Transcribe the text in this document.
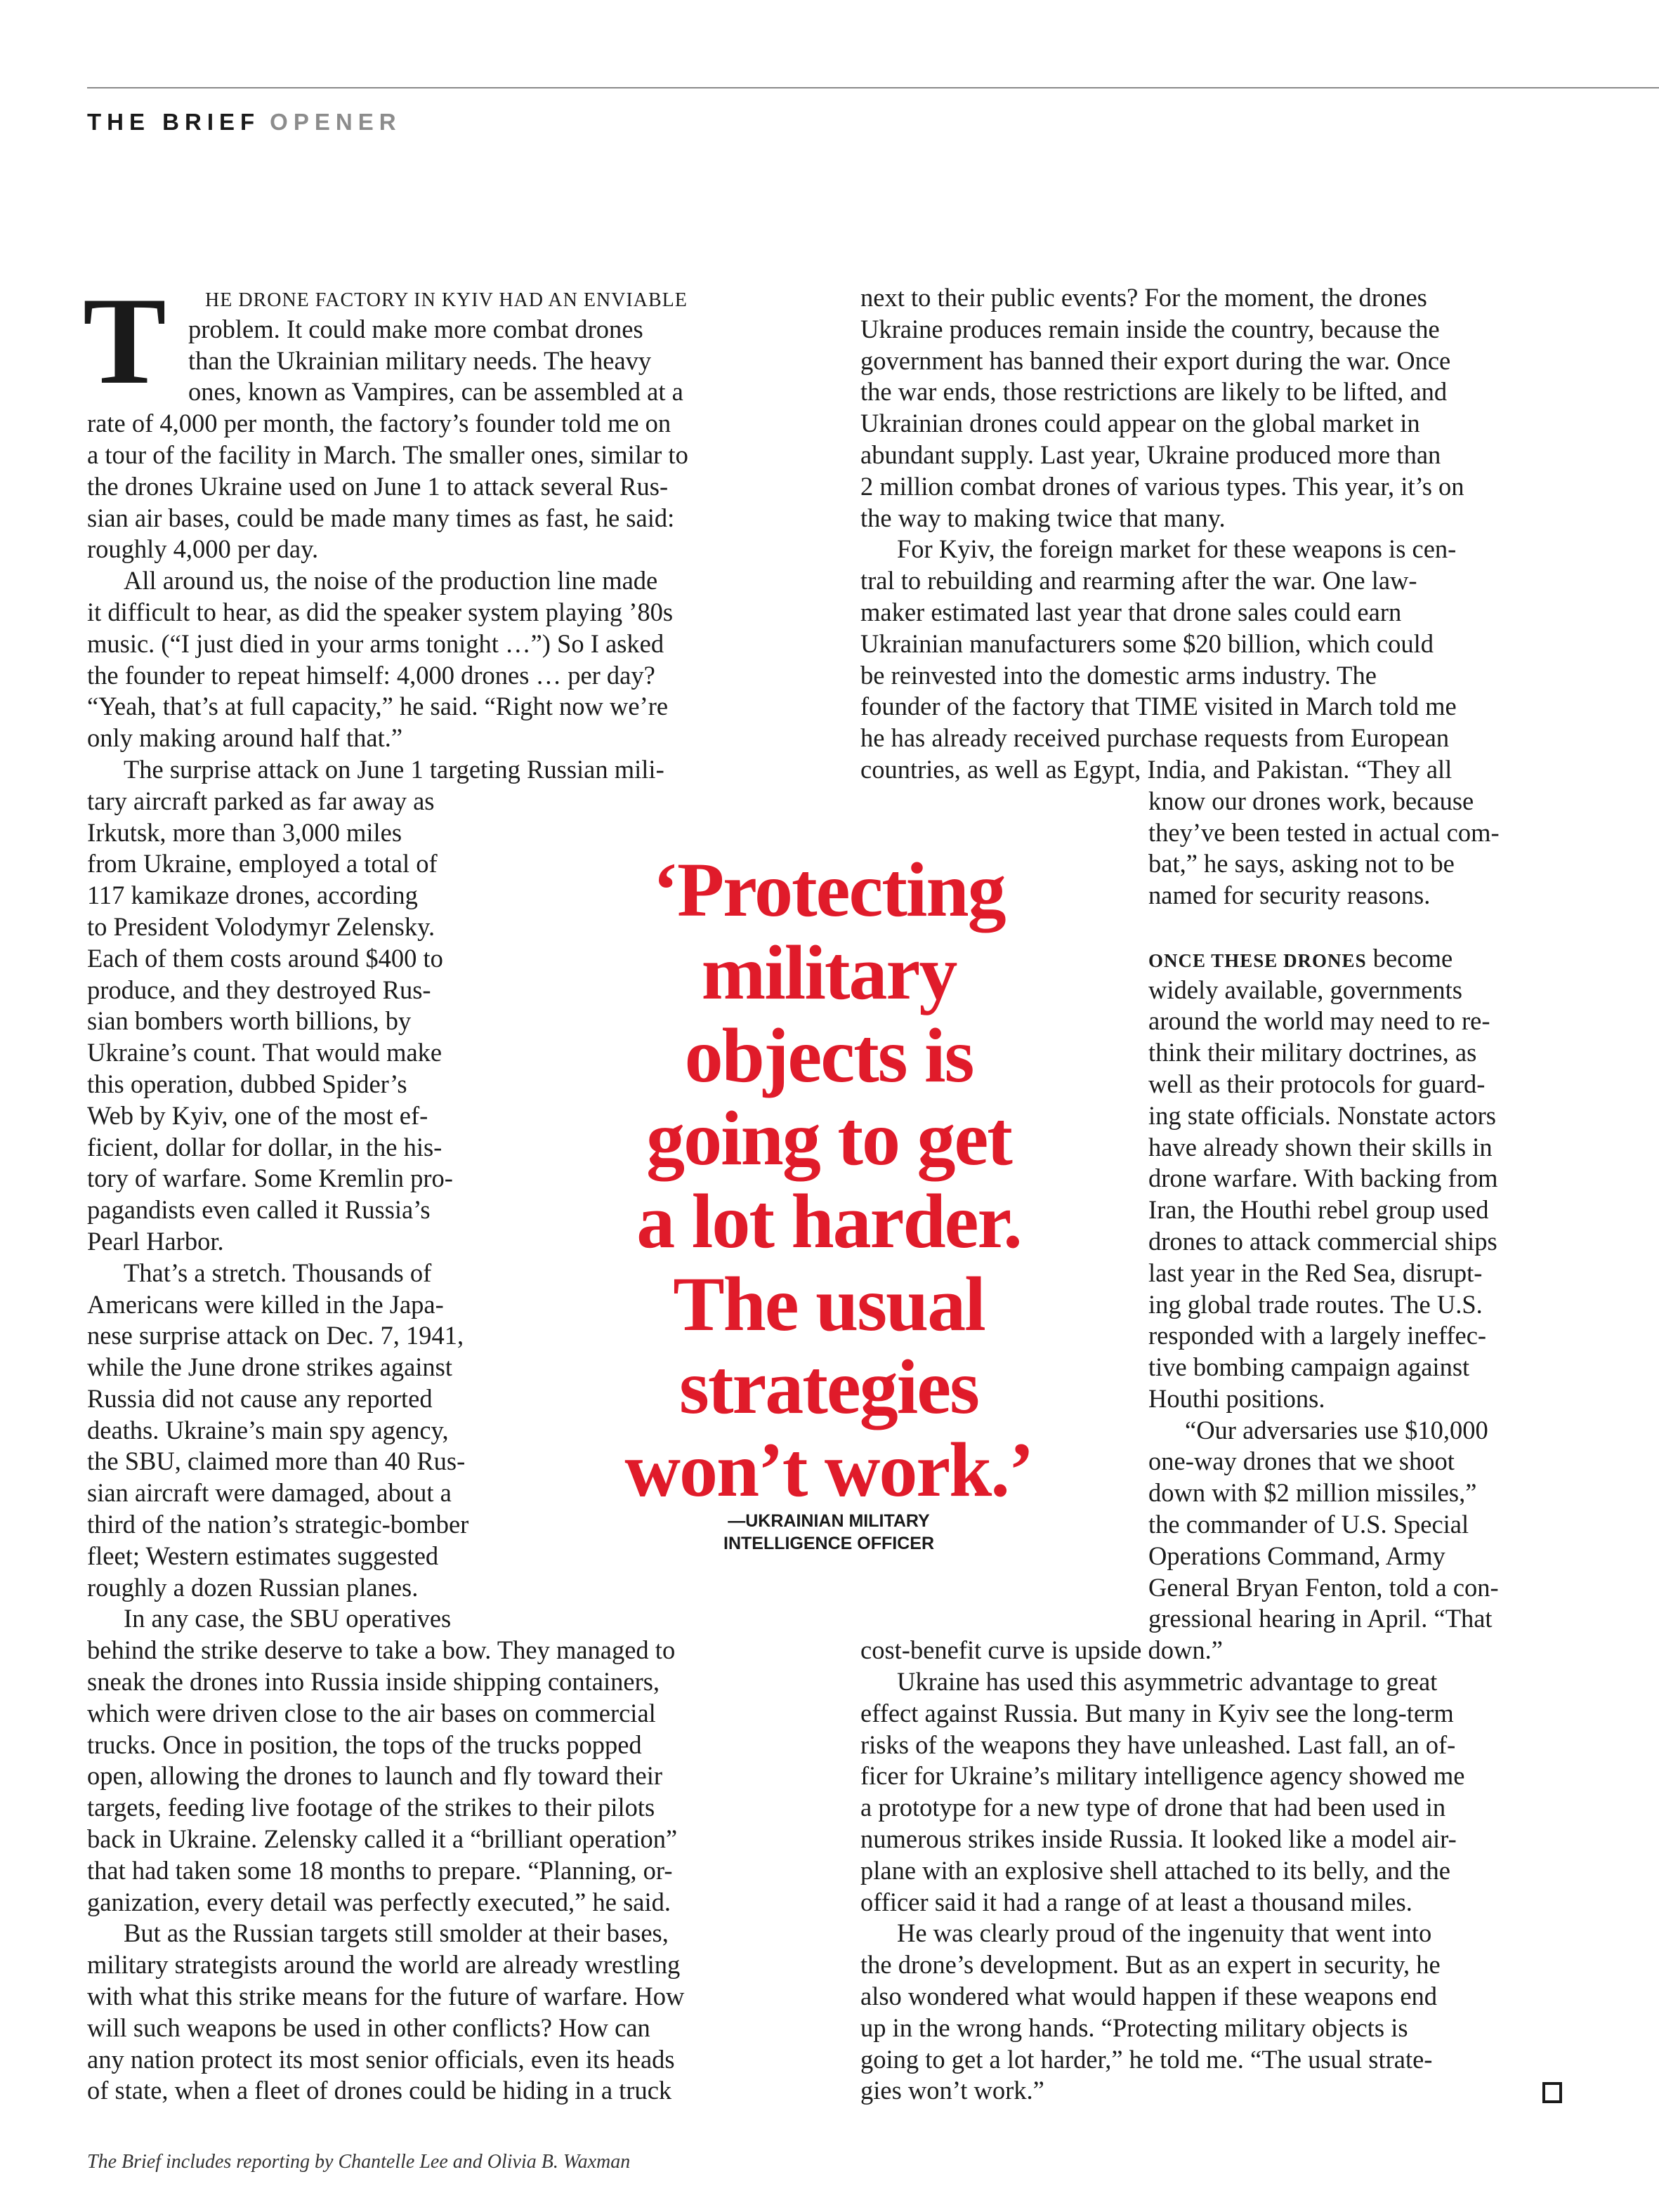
THE BRIEF OPENER
T	HE DRONE FACTORY IN KYIV HAD AN ENVIABLE
problem. It could make more combat drones
than the Ukrainian military needs. The heavy
ones, known as Vampires, can be assembled at a
rate of 4,000 per month, the factory’s founder told me on
a tour of the facility in March. The smaller ones, similar to
the drones Ukraine used on June 1 to attack several Rus-
sian air bases, could be made many times as fast, he said:
roughly 4,000 per day.
All around us, the noise of the production line made
it difficult to hear, as did the speaker system playing ’80s
music. (“I just died in your arms tonight …”) So I asked
the founder to repeat himself: 4,000 drones … per day?
“Yeah, that’s at full capacity,” he said. “Right now we’re
only making around half that.”
The surprise attack on June 1 targeting Russian mili-
tary aircraft parked as far away as
Irkutsk, more than 3,000 miles
from Ukraine, employed a total of
117 kamikaze drones, according
to President Volodymyr Zelensky.
Each of them costs around $400 to
produce, and they destroyed Rus-
sian bombers worth billions, by
Ukraine’s count. That would make
this operation, dubbed Spider’s
Web by Kyiv, one of the most ef-
ficient, dollar for dollar, in the his-
tory of warfare. Some Kremlin pro-
pagandists even called it Russia’s
Pearl Harbor.
That’s a stretch. Thousands of
Americans were killed in the Japa-
nese surprise attack on Dec. 7, 1941,
while the June drone strikes against
Russia did not cause any reported
deaths. Ukraine’s main spy agency,
the SBU, claimed more than 40 Rus-
sian aircraft were damaged, about a
third of the nation’s strategic-bomber
fleet; Western estimates suggested
roughly a dozen Russian planes.
In any case, the SBU operatives
behind the strike deserve to take a bow. They managed to
sneak the drones into Russia inside shipping containers,
which were driven close to the air bases on commercial
trucks. Once in position, the tops of the trucks popped
open, allowing the drones to launch and fly toward their
targets, feeding live footage of the strikes to their pilots
back in Ukraine. Zelensky called it a “brilliant operation”
that had taken some 18 months to prepare. “Planning, or-
ganization, every detail was perfectly executed,” he said.
But as the Russian targets still smolder at their bases,
military strategists around the world are already wrestling
with what this strike means for the future of warfare. How
will such weapons be used in other conflicts? How can
any nation protect its most senior officials, even its heads
of state, when a fleet of drones could be hiding in a truck
next to their public events? For the moment, the drones
Ukraine produces remain inside the country, because the
government has banned their export during the war. Once
the war ends, those restrictions are likely to be lifted, and
Ukrainian drones could appear on the global market in
abundant supply. Last year, Ukraine produced more than
2 million combat drones of various types. This year, it’s on
the way to making twice that many.
For Kyiv, the foreign market for these weapons is cen-
tral to rebuilding and rearming after the war. One law-
maker estimated last year that drone sales could earn
Ukrainian manufacturers some $20 billion, which could
be reinvested into the domestic arms industry. The
founder of the factory that TIME visited in March told me
he has already received purchase requests from European
countries, as well as Egypt, India, and Pakistan. “They all
know our drones work, because
they’ve been tested in actual com-
bat,” he says, asking not to be
named for security reasons.
ONCE THESE DRONES become
widely available, governments
around the world may need to re-
think their military doctrines, as
well as their protocols for guard-
ing state officials. Nonstate actors
have already shown their skills in
drone warfare. With backing from
Iran, the Houthi rebel group used
drones to attack commercial ships
last year in the Red Sea, disrupt-
ing global trade routes. The U.S.
responded with a largely ineffec-
tive bombing campaign against
Houthi positions.
“Our adversaries use $10,000
one-way drones that we shoot
down with $2 million missiles,”
the commander of U.S. Special
Operations Command, Army
General Bryan Fenton, told a con-
gressional hearing in April. “That
cost-benefit curve is upside down.”
Ukraine has used this asymmetric advantage to great
effect against Russia. But many in Kyiv see the long-term
risks of the weapons they have unleashed. Last fall, an of-
ficer for Ukraine’s military intelligence agency showed me
a prototype for a new type of drone that had been used in
numerous strikes inside Russia. It looked like a model air-
plane with an explosive shell attached to its belly, and the
officer said it had a range of at least a thousand miles.
He was clearly proud of the ingenuity that went into
the drone’s development. But as an expert in security, he
also wondered what would happen if these weapons end
up in the wrong hands. “Protecting military objects is
going to get a lot harder,” he told me. “The usual strate-
gies won’t work.”
‘Protecting
military
objects is
going to get
a lot harder.
The usual
strategies
won’t work.’
—UKRAINIAN MILITARY
INTELLIGENCE OFFICER
The Brief includes reporting by Chantelle Lee and Olivia B. Waxman
